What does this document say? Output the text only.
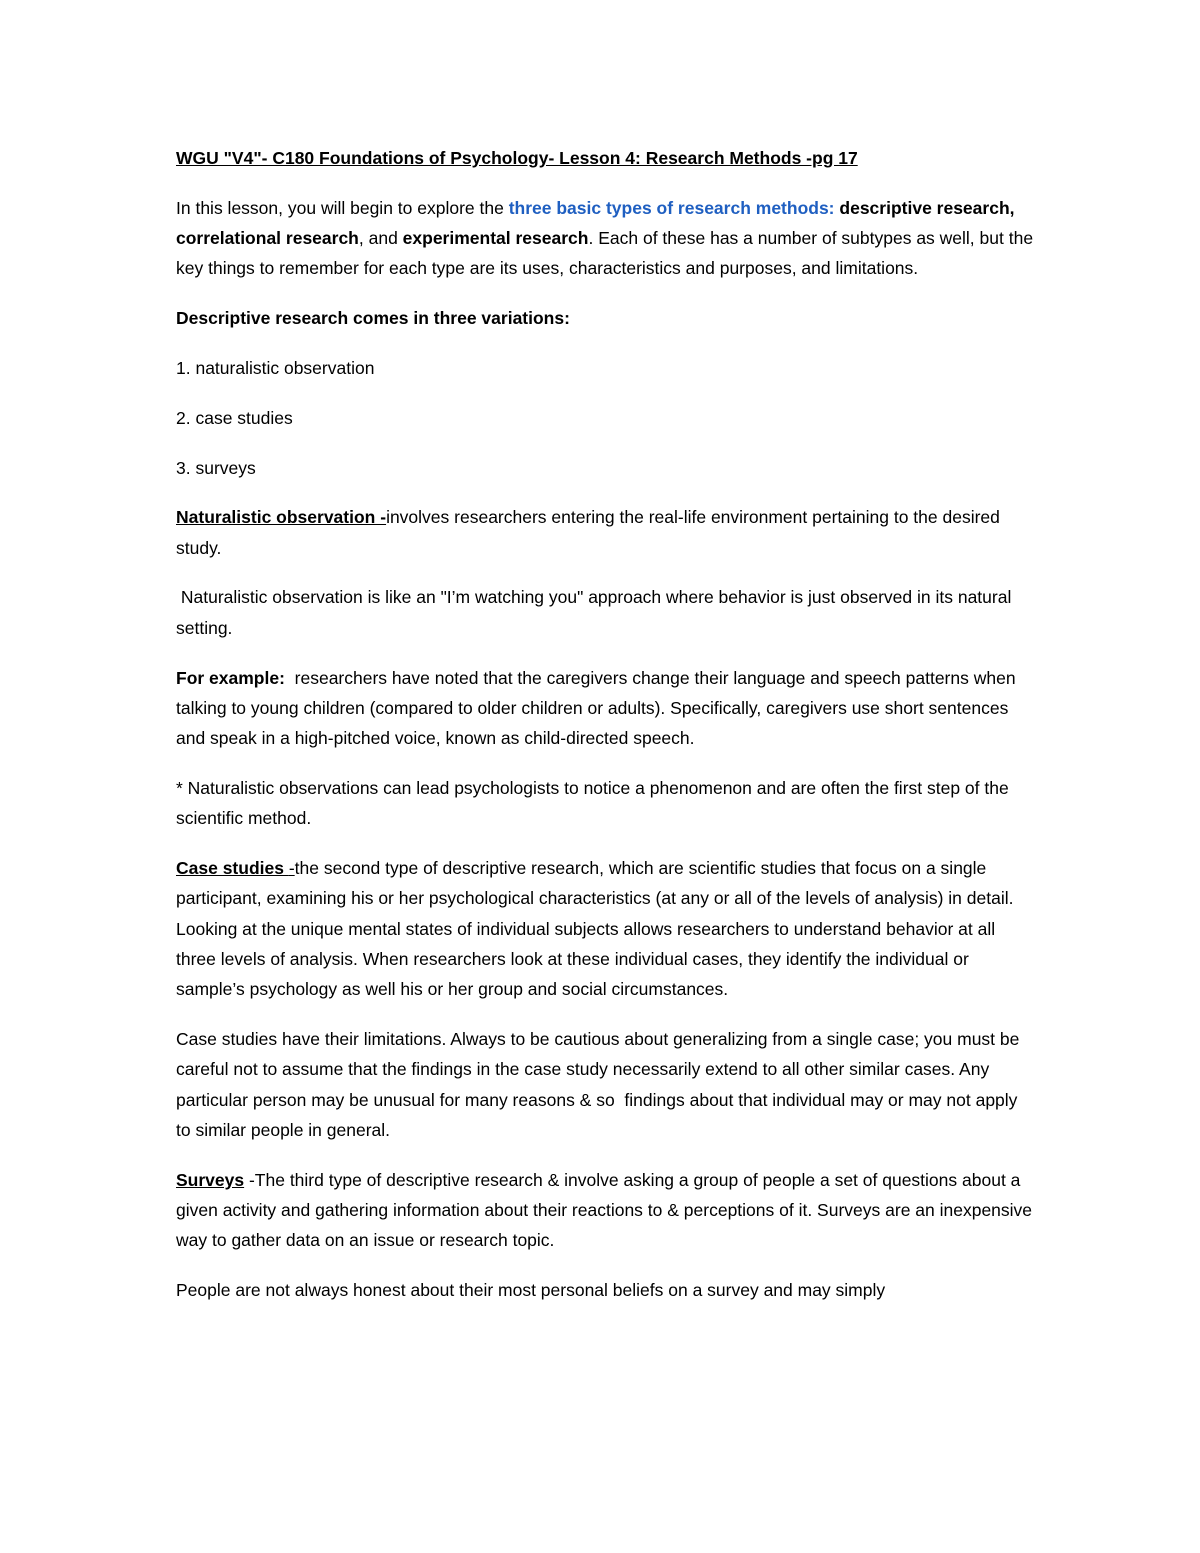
WGU "V4"- C180 Foundations of Psychology- Lesson 4: Research Methods -pg 17

In this lesson, you will begin to explore the three basic types of research methods: descriptive research, correlational research, and experimental research. Each of these has a number of subtypes as well, but the key things to remember for each type are its uses, characteristics and purposes, and limitations.

Descriptive research comes in three variations:

1. naturalistic observation

2. case studies

3. surveys

Naturalistic observation -involves researchers entering the real-life environment pertaining to the desired study.

Naturalistic observation is like an "I’m watching you" approach where behavior is just observed in its natural setting.

For example:  researchers have noted that the caregivers change their language and speech patterns when talking to young children (compared to older children or adults). Specifically, caregivers use short sentences and speak in a high-pitched voice, known as child-directed speech.

* Naturalistic observations can lead psychologists to notice a phenomenon and are often the first step of the scientific method.

Case studies -the second type of descriptive research, which are scientific studies that focus on a single participant, examining his or her psychological characteristics (at any or all of the levels of analysis) in detail. Looking at the unique mental states of individual subjects allows researchers to understand behavior at all three levels of analysis. When researchers look at these individual cases, they identify the individual or sample’s psychology as well his or her group and social circumstances.

Case studies have their limitations. Always to be cautious about generalizing from a single case; you must be careful not to assume that the findings in the case study necessarily extend to all other similar cases. Any particular person may be unusual for many reasons & so  findings about that individual may or may not apply to similar people in general.

Surveys -The third type of descriptive research & involve asking a group of people a set of questions about a given activity and gathering information about their reactions to & perceptions of it. Surveys are an inexpensive way to gather data on an issue or research topic.

People are not always honest about their most personal beliefs on a survey and may simply
